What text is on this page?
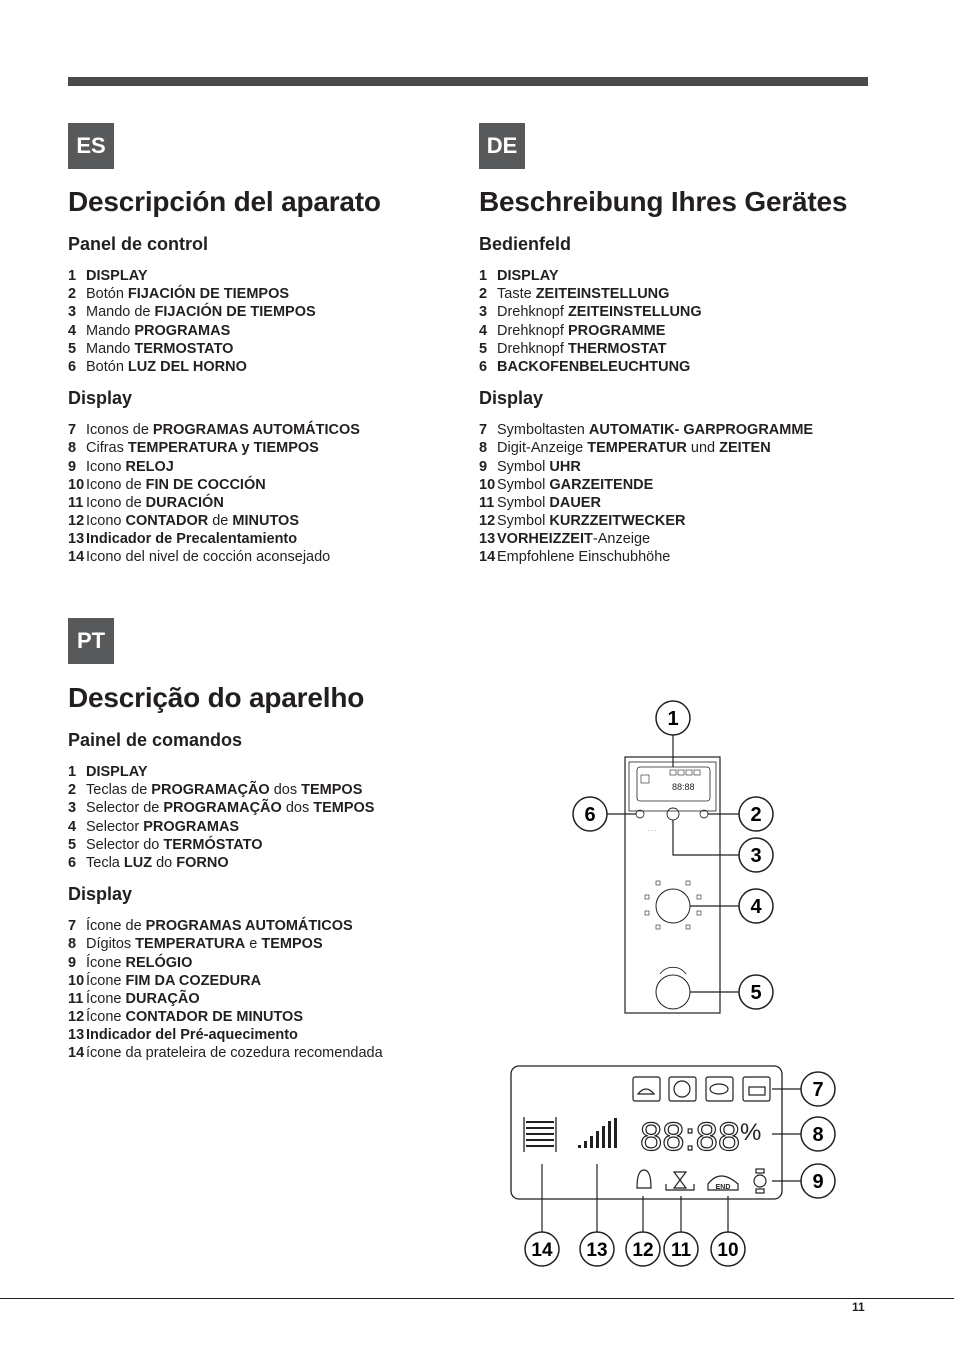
ES
Descripción del aparato
Panel de control
1 DISPLAY
2 Botón FIJACIÓN DE TIEMPOS
3 Mando de FIJACIÓN DE TIEMPOS
4 Mando PROGRAMAS
5 Mando TERMOSTATO
6 Botón LUZ DEL HORNO
Display
7 Iconos de PROGRAMAS AUTOMÁTICOS
8 Cifras TEMPERATURA y TIEMPOS
9 Icono RELOJ
10 Icono de FIN DE COCCIÓN
11 Icono de DURACIÓN
12 Icono CONTADOR de MINUTOS
13 Indicador de Precalentamiento
14 Icono del nivel de cocción aconsejado
DE
Beschreibung Ihres Gerätes
Bedienfeld
1 DISPLAY
2 Taste ZEITEINSTELLUNG
3 Drehknopf ZEITEINSTELLUNG
4 Drehknopf PROGRAMME
5 Drehknopf THERMOSTAT
6 BACKOFENBELEUCHTUNG
Display
7 Symboltasten AUTOMATIK- GARPROGRAMME
8 Digit-Anzeige TEMPERATUR und ZEITEN
9 Symbol UHR
10 Symbol GARZEITENDE
11 Symbol DAUER
12 Symbol KURZZEITWECKER
13 VORHEIZZEIT-Anzeige
14 Empfohlene Einschubhöhe
PT
Descrição do aparelho
Painel de comandos
1 DISPLAY
2 Teclas de PROGRAMAÇÃO dos TEMPOS
3 Selector de PROGRAMAÇÃO dos TEMPOS
4 Selector PROGRAMAS
5 Selector do TERMÓSTATO
6 Tecla LUZ do FORNO
Display
7 Ícone de PROGRAMAS AUTOMÁTICOS
8 Dígitos TEMPERATURA e TEMPOS
9 Ícone RELÓGIO
10 Ícone FIM DA COZEDURA
11 Ícone DURAÇÃO
12 Ícone CONTADOR DE MINUTOS
13 Indicador del Pré-aquecimento
14 ícone da prateleira de cozedura recomendada
· · ·
88:88
1
6	2
3
4
5
88:88 %
END
7
8
9
14 13 12 11 10
11
